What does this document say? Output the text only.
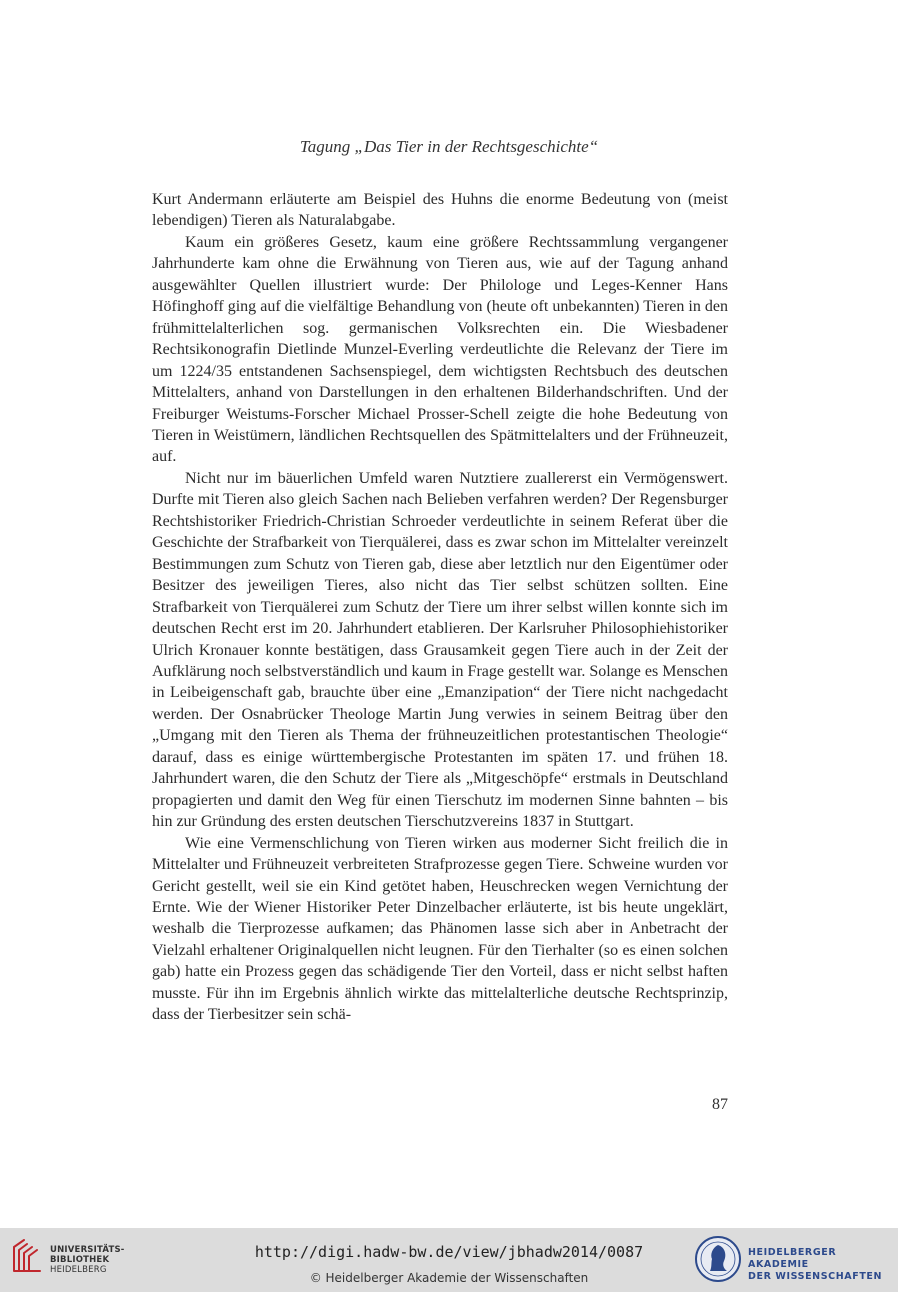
Tagung „Das Tier in der Rechtsgeschichte“

Kurt Andermann erläuterte am Beispiel des Huhns die enorme Bedeutung von (meist lebendigen) Tieren als Naturalabgabe.

Kaum ein größeres Gesetz, kaum eine größere Rechtssammlung vergangener Jahrhunderte kam ohne die Erwähnung von Tieren aus, wie auf der Tagung anhand ausgewählter Quellen illustriert wurde: Der Philologe und Leges-Kenner Hans Höfinghoff ging auf die vielfältige Behandlung von (heute oft unbekannten) Tieren in den frühmittelalterlichen sog. germanischen Volksrechten ein. Die Wiesbadener Rechtsikonografin Dietlinde Munzel-Everling verdeutlichte die Relevanz der Tiere im um 1224/35 entstandenen Sachsenspiegel, dem wichtigsten Rechtsbuch des deutschen Mittelalters, anhand von Darstellungen in den erhaltenen Bilderhandschriften. Und der Freiburger Weistums-Forscher Michael Prosser-Schell zeigte die hohe Bedeutung von Tieren in Weistümern, ländlichen Rechtsquellen des Spätmittelalters und der Frühneuzeit, auf.

Nicht nur im bäuerlichen Umfeld waren Nutztiere zuallererst ein Vermögenswert. Durfte mit Tieren also gleich Sachen nach Belieben verfahren werden? Der Regensburger Rechtshistoriker Friedrich-Christian Schroeder verdeutlichte in seinem Referat über die Geschichte der Strafbarkeit von Tierquälerei, dass es zwar schon im Mittelalter vereinzelt Bestimmungen zum Schutz von Tieren gab, diese aber letztlich nur den Eigentümer oder Besitzer des jeweiligen Tieres, also nicht das Tier selbst schützen sollten. Eine Strafbarkeit von Tierquälerei zum Schutz der Tiere um ihrer selbst willen konnte sich im deutschen Recht erst im 20. Jahrhundert etablieren. Der Karlsruher Philosophiehistoriker Ulrich Kronauer konnte bestätigen, dass Grausamkeit gegen Tiere auch in der Zeit der Aufklärung noch selbstverständlich und kaum in Frage gestellt war. Solange es Menschen in Leibeigenschaft gab, brauchte über eine „Emanzipation“ der Tiere nicht nachgedacht werden. Der Osnabrücker Theologe Martin Jung verwies in seinem Beitrag über den „Umgang mit den Tieren als Thema der frühneuzeitlichen protestantischen Theologie“ darauf, dass es einige württembergische Protestanten im späten 17. und frühen 18. Jahrhundert waren, die den Schutz der Tiere als „Mitgeschöpfe“ erstmals in Deutschland propagierten und damit den Weg für einen Tierschutz im modernen Sinne bahnten – bis hin zur Gründung des ersten deutschen Tierschutzvereins 1837 in Stuttgart.

Wie eine Vermenschlichung von Tieren wirken aus moderner Sicht freilich die in Mittelalter und Frühneuzeit verbreiteten Strafprozesse gegen Tiere. Schweine wurden vor Gericht gestellt, weil sie ein Kind getötet haben, Heuschrecken wegen Vernichtung der Ernte. Wie der Wiener Historiker Peter Dinzelbacher erläuterte, ist bis heute ungeklärt, weshalb die Tierprozesse aufkamen; das Phänomen lasse sich aber in Anbetracht der Vielzahl erhaltener Originalquellen nicht leugnen. Für den Tierhalter (so es einen solchen gab) hatte ein Prozess gegen das schädigende Tier den Vorteil, dass er nicht selbst haften musste. Für ihn im Ergebnis ähnlich wirkte das mittelalterliche deutsche Rechtsprinzip, dass der Tierbesitzer sein schä-

87
UNIVERSITÄTS-
BIBLIOTHEK
HEIDELBERG
http://digi.hadw-bw.de/view/jbhadw2014/0087
© Heidelberger Akademie der Wissenschaften
HEIDELBERGER AKADEMIE
DER WISSENSCHAFTEN
